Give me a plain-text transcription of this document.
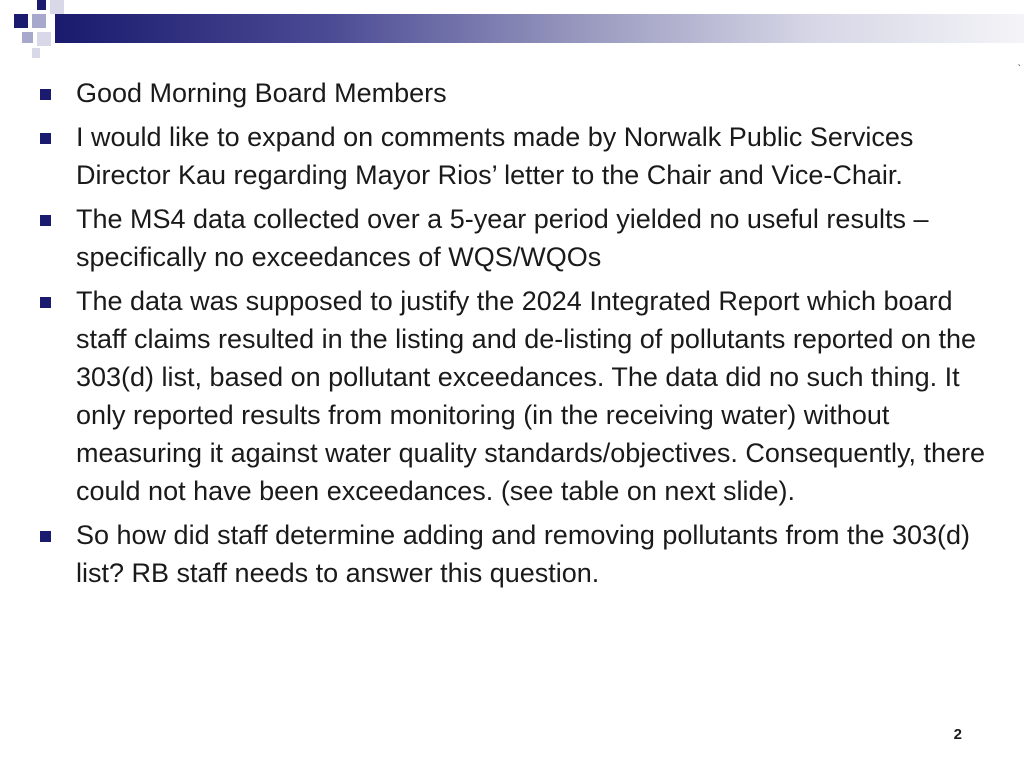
`
Good Morning Board Members
I would like to expand on comments made by Norwalk Public Services Director Kau regarding Mayor Rios’ letter to the Chair and Vice-Chair.
The MS4 data collected over a 5-year period yielded no useful results – specifically no exceedances of WQS/WQOs
The data was supposed to justify the 2024 Integrated Report which board staff claims resulted in the listing and de-listing of pollutants reported on the 303(d) list, based on pollutant exceedances. The data did no such thing. It only reported results from monitoring (in the receiving water) without measuring it against water quality standards/objectives. Consequently, there could not have been exceedances. (see table on next slide).
So how did staff determine adding and removing pollutants from the 303(d) list? RB staff needs to answer this question.
2
